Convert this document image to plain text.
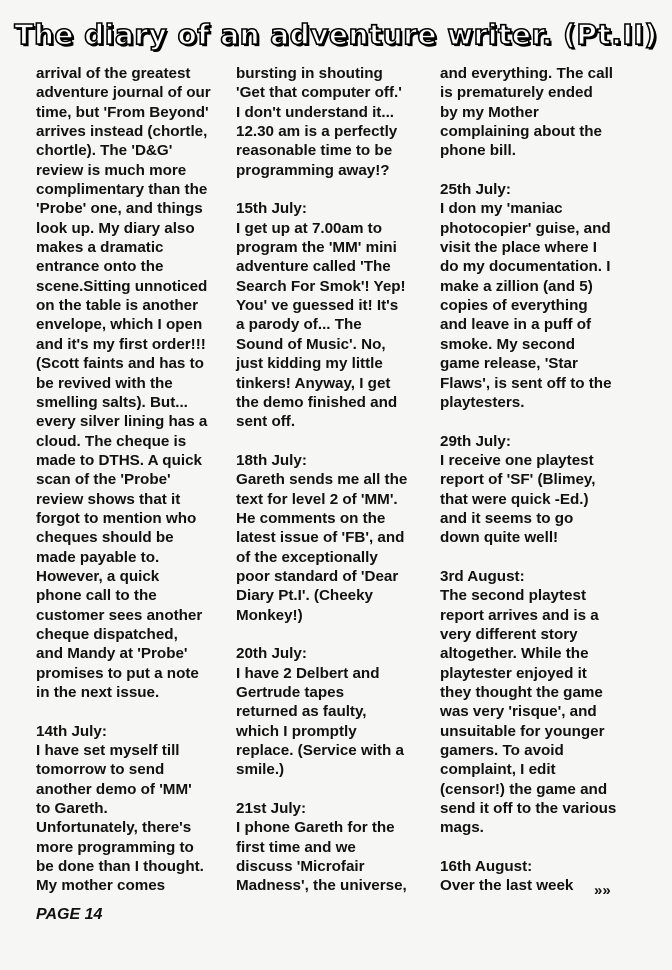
The diary of an adventure writer. (Pt.II)
arrival of the greatest
adventure journal of our
time, but 'From Beyond'
arrives instead (chortle,
chortle). The 'D&G'
review is much more
complimentary than the
'Probe' one, and things
look up. My diary also
makes a dramatic
entrance onto the
scene.Sitting unnoticed
on the table is another
envelope, which I open
and it's my first order!!!
(Scott faints and has to
be revived with the
smelling salts). But...
every silver lining has a
cloud. The cheque is
made to DTHS. A quick
scan of the 'Probe'
review shows that it
forgot to mention who
cheques should be
made payable to.
However, a quick
phone call to the
customer sees another
cheque dispatched,
and Mandy at 'Probe'
promises to put a note
in the next issue.
14th July:
I have set myself till
tomorrow to send
another demo of 'MM'
to Gareth.
Unfortunately, there's
more programming to
be done than I thought.
My mother comes
bursting in shouting
'Get that computer off.'
I don't understand it...
12.30 am is a perfectly
reasonable time to be
programming away!?
15th July:
I get up at 7.00am to
program the 'MM' mini
adventure called 'The
Search For Smok'! Yep!
You' ve guessed it! It's
a parody of... The
Sound of Music'. No,
just kidding my little
tinkers! Anyway, I get
the demo finished and
sent off.
18th July:
Gareth sends me all the
text for level 2 of 'MM'.
He comments on the
latest issue of 'FB', and
of the exceptionally
poor standard of 'Dear
Diary Pt.I'. (Cheeky
Monkey!)
20th July:
I have 2 Delbert and
Gertrude tapes
returned as faulty,
which I promptly
replace. (Service with a
smile.)
21st July:
I phone Gareth for the
first time and we
discuss 'Microfair
Madness', the universe,
and everything. The call
is prematurely ended
by my Mother
complaining about the
phone bill.
25th July:
I don my 'maniac
photocopier' guise, and
visit the place where I
do my documentation. I
make a zillion (and 5)
copies of everything
and leave in a puff of
smoke. My second
game release, 'Star
Flaws', is sent off to the
playtesters.
29th July:
I receive one playtest
report of 'SF' (Blimey,
that were quick -Ed.)
and it seems to go
down quite well!
3rd August:
The second playtest
report arrives and is a
very different story
altogether. While the
playtester enjoyed it
they thought the game
was very 'risque', and
unsuitable for younger
gamers. To avoid
complaint, I edit
(censor!) the game and
send it off to the various
mags.
16th August:
Over the last week	»»
PAGE 14
